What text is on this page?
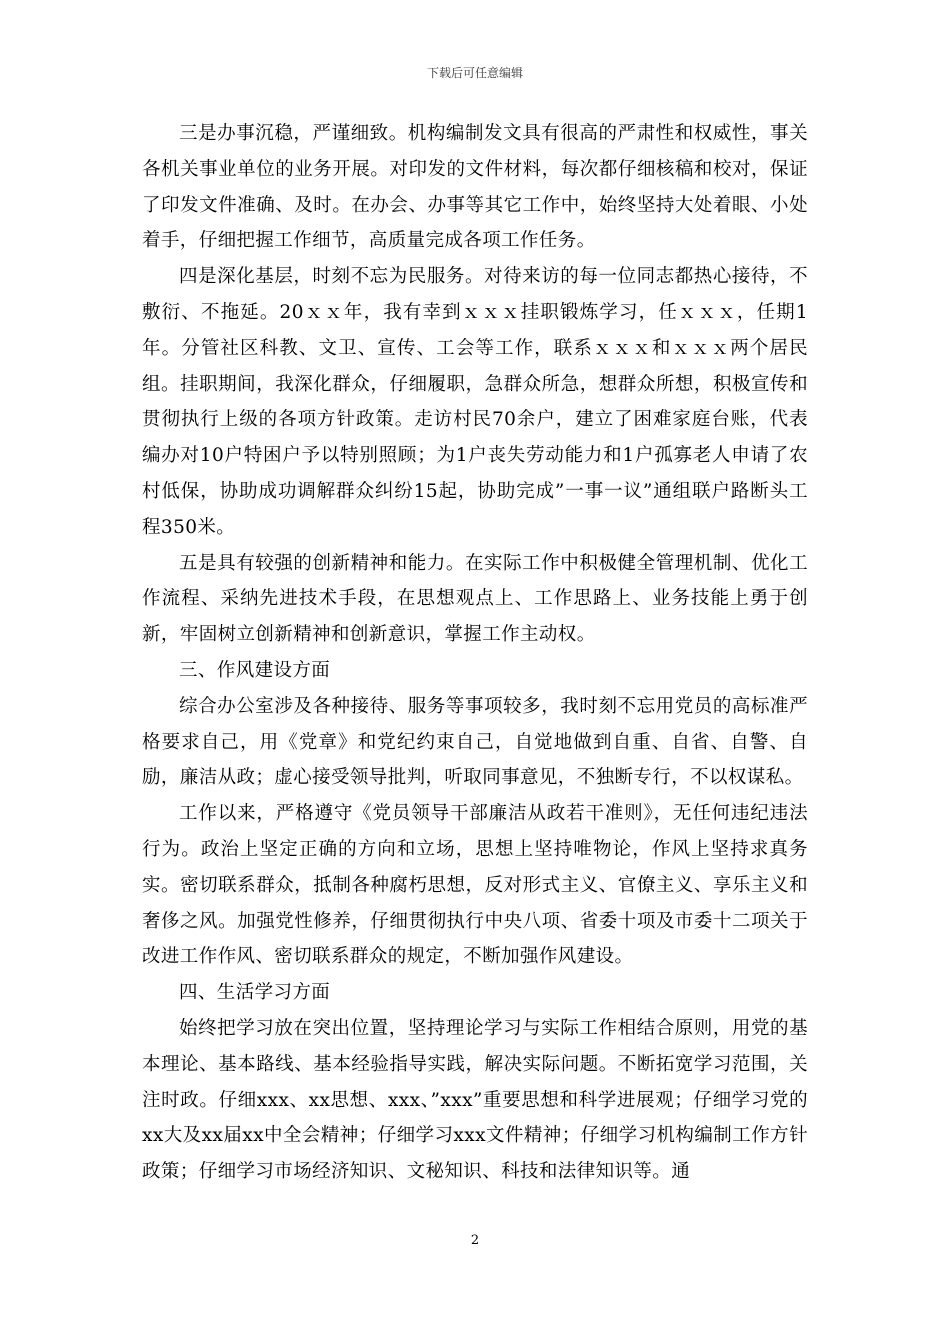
下载后可任意编辑

三是办事沉稳，严谨细致。机构编制发文具有很高的严肃性和权威性，事关各机关事业单位的业务开展。对印发的文件材料，每次都仔细核稿和校对，保证了印发文件准确、及时。在办会、办事等其它工作中，始终坚持大处着眼、小处着手，仔细把握工作细节，高质量完成各项工作任务。

四是深化基层，时刻不忘为民服务。对待来访的每一位同志都热心接待，不敷衍、不拖延。20ｘｘ年，我有幸到ｘｘｘ挂职锻炼学习，任ｘｘｘ，任期1年。分管社区科教、文卫、宣传、工会等工作，联系ｘｘｘ和ｘｘｘ两个居民组。挂职期间，我深化群众，仔细履职，急群众所急，想群众所想，积极宣传和贯彻执行上级的各项方针政策。走访村民70余户，建立了困难家庭台账，代表编办对10户特困户予以特别照顾；为1户丧失劳动能力和1户孤寡老人申请了农村低保，协助成功调解群众纠纷15起，协助完成”一事一议”通组联户路断头工程350米。

五是具有较强的创新精神和能力。在实际工作中积极健全管理机制、优化工作流程、采纳先进技术手段，在思想观点上、工作思路上、业务技能上勇于创新，牢固树立创新精神和创新意识，掌握工作主动权。

三、作风建设方面

综合办公室涉及各种接待、服务等事项较多，我时刻不忘用党员的高标准严格要求自己，用《党章》和党纪约束自己，自觉地做到自重、自省、自警、自励，廉洁从政；虚心接受领导批判，听取同事意见，不独断专行，不以权谋私。

工作以来，严格遵守《党员领导干部廉洁从政若干准则》，无任何违纪违法行为。政治上坚定正确的方向和立场，思想上坚持唯物论，作风上坚持求真务实。密切联系群众，抵制各种腐朽思想，反对形式主义、官僚主义、享乐主义和奢侈之风。加强党性修养，仔细贯彻执行中央八项、省委十项及市委十二项关于改进工作作风、密切联系群众的规定，不断加强作风建设。

四、生活学习方面

始终把学习放在突出位置，坚持理论学习与实际工作相结合原则，用党的基本理论、基本路线、基本经验指导实践，解决实际问题。不断拓宽学习范围，关注时政。仔细xxx、xx思想、xxx、”xxx”重要思想和科学进展观；仔细学习党的xx大及xx届xx中全会精神；仔细学习xxx文件精神；仔细学习机构编制工作方针政策；仔细学习市场经济知识、文秘知识、科技和法律知识等。通

2
